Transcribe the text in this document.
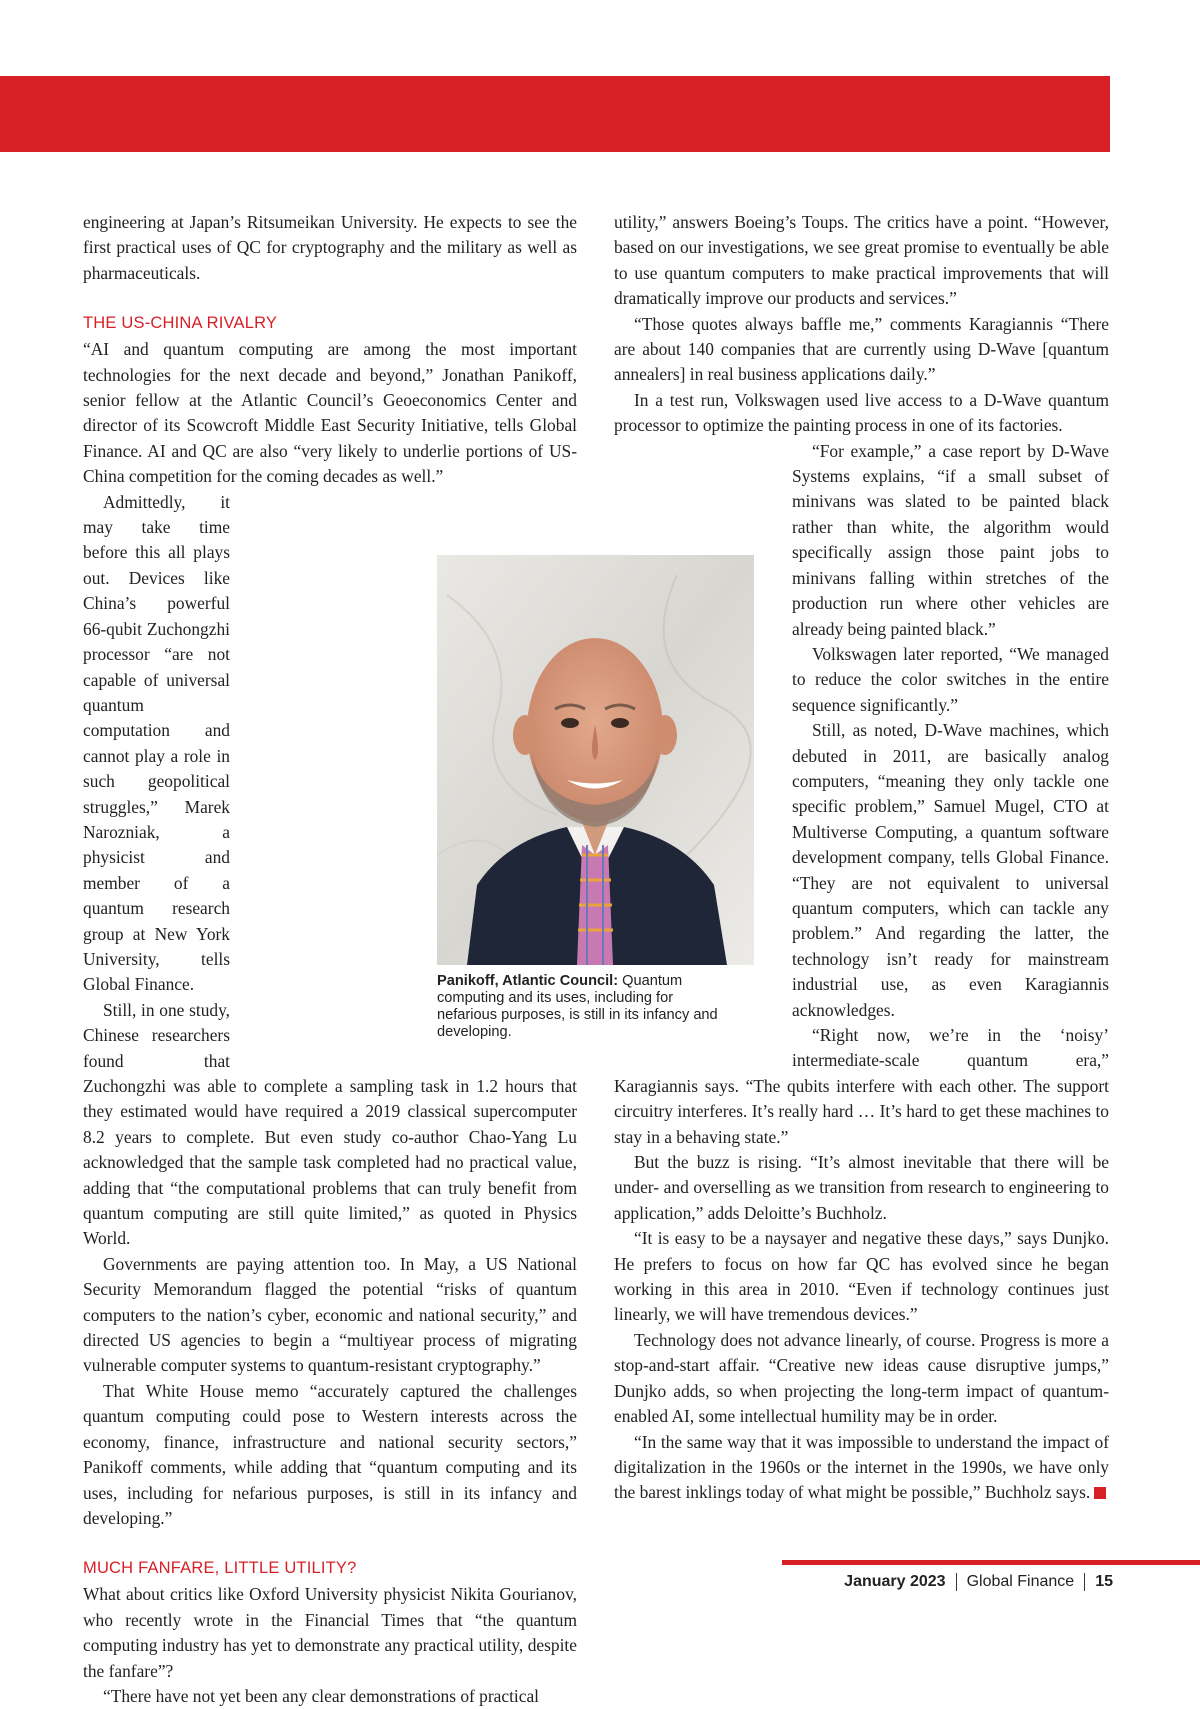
engineering at Japan’s Ritsumeikan University. He expects to see the first practical uses of QC for cryptography and the military as well as pharmaceuticals.

THE US-CHINA RIVALRY

“AI and quantum computing are among the most important technologies for the next decade and beyond,” Jonathan Panikoff, senior fellow at the Atlantic Council’s Geoeconomics Center and director of its Scowcroft Middle East Security Initiative, tells Global Finance. AI and QC are also “very likely to underlie portions of US-China competition for the coming decades as well.”

Admittedly, it may take time before this all plays out. Devices like China’s powerful 66-qubit Zuchongzhi processor “are not capable of universal quantum computation and cannot play a role in such geopolitical struggles,” Marek Narozniak, a physicist and member of a quantum research group at New York University, tells Global Finance.

Still, in one study, Chinese researchers found that Zuchongzhi was able to complete a sampling task in 1.2 hours that they estimated would have required a 2019 classical supercomputer 8.2 years to complete. But even study co-author Chao-Yang Lu acknowledged that the sample task completed had no practical value, adding that “the computational problems that can truly benefit from quantum computing are still quite limited,” as quoted in Physics World.

Governments are paying attention too. In May, a US National Security Memorandum flagged the potential “risks of quantum computers to the nation’s cyber, economic and national security,” and directed US agencies to begin a “multiyear process of migrating vulnerable computer systems to quantum-resistant cryptography.”

That White House memo “accurately captured the challenges quantum computing could pose to Western interests across the economy, finance, infrastructure and national security sectors,” Panikoff comments, while adding that “quantum computing and its uses, including for nefarious purposes, is still in its infancy and developing.”

MUCH FANFARE, LITTLE UTILITY?

What about critics like Oxford University physicist Nikita Gourianov, who recently wrote in the Financial Times that “the quantum computing industry has yet to demonstrate any practical utility, despite the fanfare”?

“There have not yet been any clear demonstrations of practical

utility,” answers Boeing’s Toups. The critics have a point. “However, based on our investigations, we see great promise to eventually be able to use quantum computers to make practical improvements that will dramatically improve our products and services.”

“Those quotes always baffle me,” comments Karagiannis “There are about 140 companies that are currently using D-Wave [quantum annealers] in real business applications daily.”

In a test run, Volkswagen used live access to a D-Wave quantum processor to optimize the painting process in one of its factories.

“For example,” a case report by D-Wave Systems explains, “if a small subset of minivans was slated to be painted black rather than white, the algorithm would specifically assign those paint jobs to minivans falling within stretches of the production run where other vehicles are already being painted black.”

Volkswagen later reported, “We managed to reduce the color switches in the entire sequence significantly.”

Still, as noted, D-Wave machines, which debuted in 2011, are basically analog computers, “meaning they only tackle one specific problem,” Samuel Mugel, CTO at Multiverse Computing, a quantum software development company, tells Global Finance. “They are not equivalent to universal quantum computers, which can tackle any problem.” And regarding the latter, the technology isn’t ready for mainstream industrial use, as even Karagiannis acknowledges.

“Right now, we’re in the ‘noisy’ intermediate-scale quantum era,” Karagiannis says. “The qubits interfere with each other. The support circuitry interferes. It’s really hard … It’s hard to get these machines to stay in a behaving state.”

But the buzz is rising. “It’s almost inevitable that there will be under- and overselling as we transition from research to engineering to application,” adds Deloitte’s Buchholz.

“It is easy to be a naysayer and negative these days,” says Dunjko. He prefers to focus on how far QC has evolved since he began working in this area in 2010. “Even if technology continues just linearly, we will have tremendous devices.”

Technology does not advance linearly, of course. Progress is more a stop-and-start affair. “Creative new ideas cause disruptive jumps,” Dunjko adds, so when projecting the long-term impact of quantum-enabled AI, some intellectual humility may be in order.

“In the same way that it was impossible to understand the impact of digitalization in the 1960s or the internet in the 1990s, we have only the barest inklings today of what might be possible,” Buchholz says.

Panikoff, Atlantic Council: Quantum computing and its uses, including for nefarious purposes, is still in its infancy and developing.
January 2023 Global Finance 15
